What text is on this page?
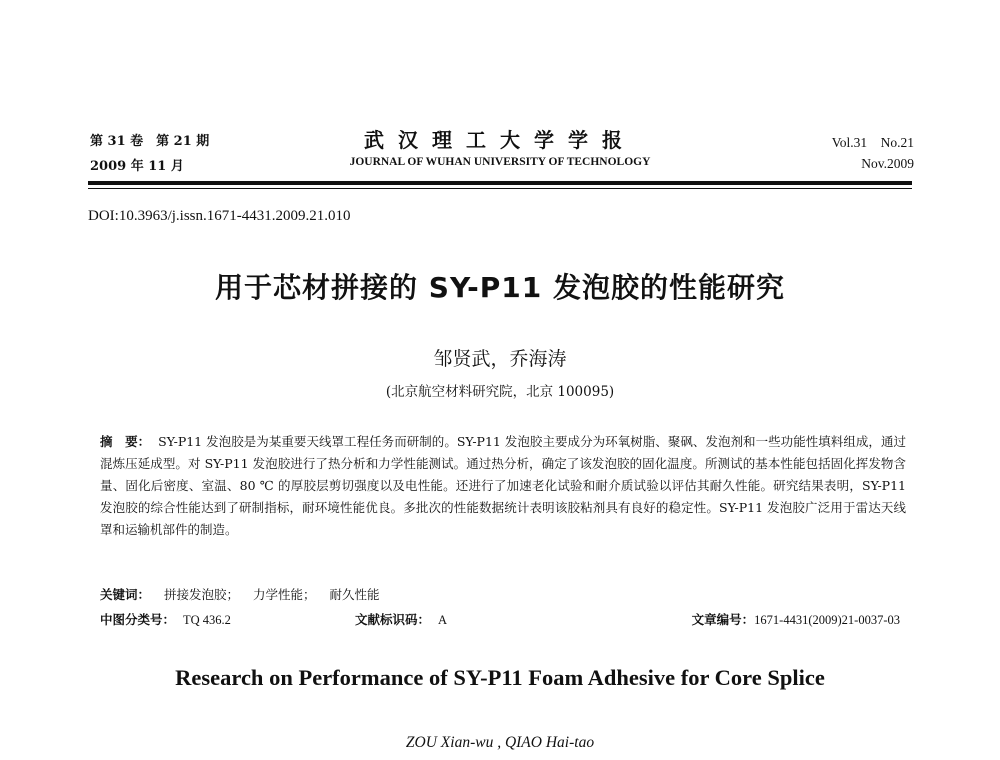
第 31 卷　第 21 期
2009 年 11 月
武汉理工大学学报
JOURNAL OF WUHAN UNIVERSITY OF TECHNOLOGY
Vol.31　No.21
Nov.2009
DOI:10.3963/j.issn.1671-4431.2009.21.010
用于芯材拼接的 SY-P11 发泡胶的性能研究
邹贤武，乔海涛
(北京航空材料研究院，北京 100095)
摘　要： SY-P11 发泡胶是为某重要天线罩工程任务而研制的。SY-P11 发泡胶主要成分为环氧树脂、聚砜、发泡剂和一些功能性填料组成，通过混炼压延成型。对 SY-P11 发泡胶进行了热分析和力学性能测试。通过热分析，确定了该发泡胶的固化温度。所测试的基本性能包括固化挥发物含量、固化后密度、室温、80 ℃ 的厚胶层剪切强度以及电性能。还进行了加速老化试验和耐介质试验以评估其耐久性能。研究结果表明，SY-P11 发泡胶的综合性能达到了研制指标，耐环境性能优良。多批次的性能数据统计表明该胶粘剂具有良好的稳定性。SY-P11 发泡胶广泛用于雷达天线罩和运输机部件的制造。
关键词： 拼接发泡胶； 力学性能； 耐久性能
中图分类号： TQ 436.2	文献标识码： A	文章编号：1671-4431(2009)21-0037-03
Research on Performance of SY-P11 Foam Adhesive for Core Splice
ZOU Xian-wu , QIAO Hai-tao
